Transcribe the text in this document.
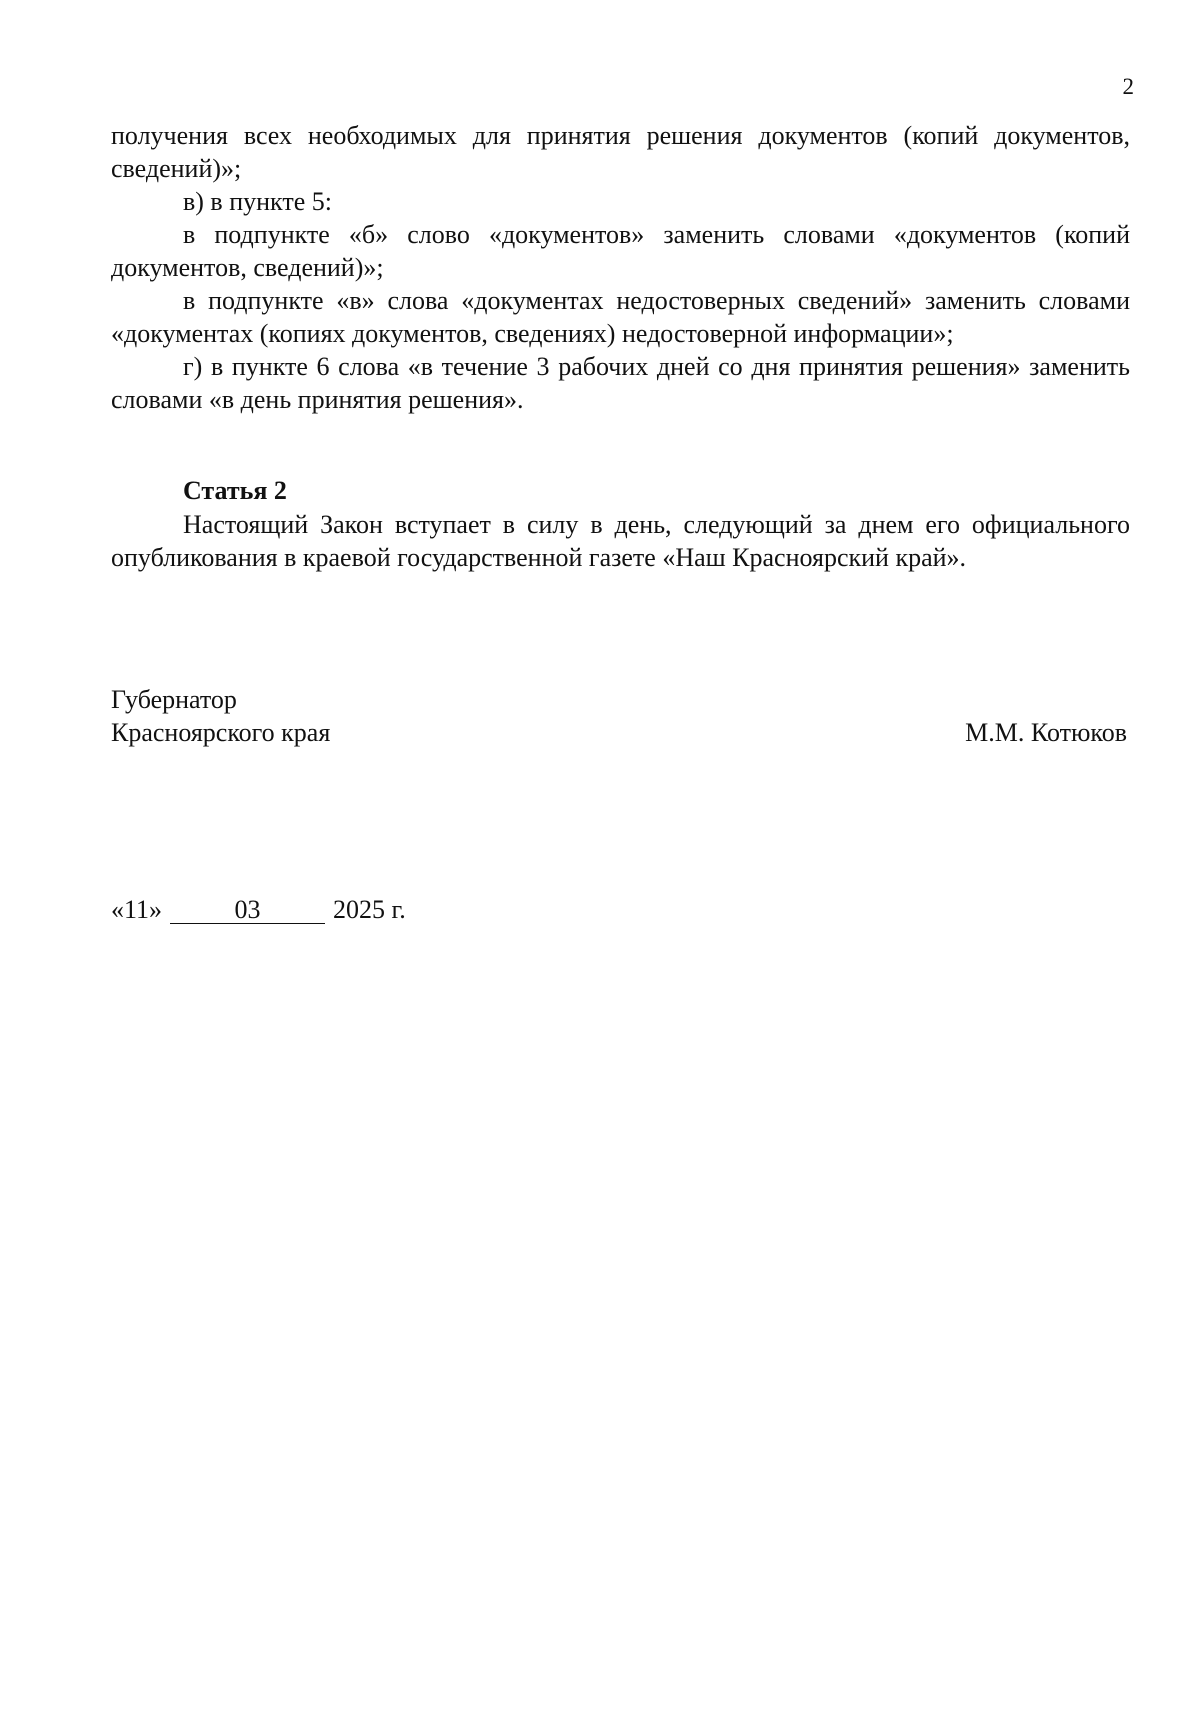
2

получения всех необходимых для принятия решения документов (копий документов, сведений)»;

в) в пункте 5:

в подпункте «б» слово «документов» заменить словами «документов (копий документов, сведений)»;

в подпункте «в» слова «документах недостоверных сведений» заменить словами «документах (копиях документов, сведениях) недостоверной информации»;

г) в пункте 6 слова «в течение 3 рабочих дней со дня принятия решения» заменить словами «в день принятия решения».

Статья 2

Настоящий Закон вступает в силу в день, следующий за днем его официального опубликования в краевой государственной газете «Наш Красноярский край».

Губернатор
Красноярского края	М.М. Котюков
«11»	03	2025 г.
